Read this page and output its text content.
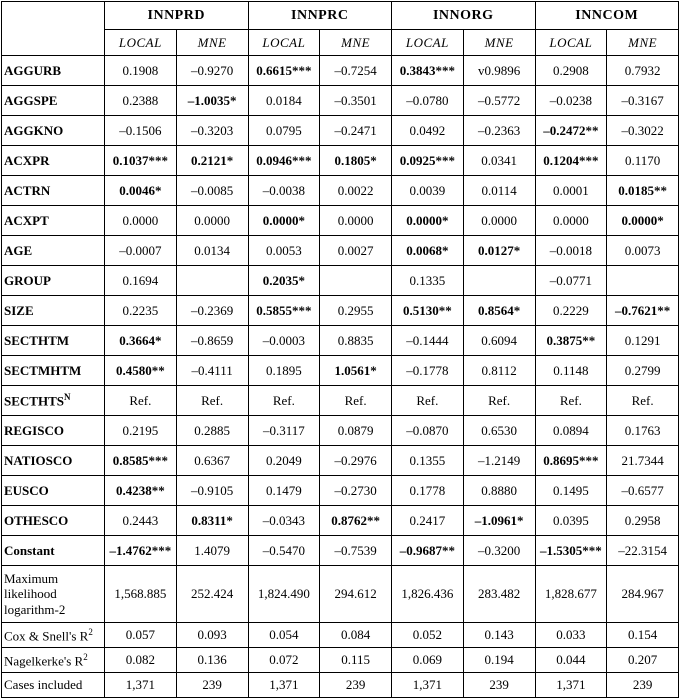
	INNPRD		INNPRC		INNORG		INNCOM	
	LOCAL	MNE	LOCAL	MNE	LOCAL	MNE	LOCAL	MNE
AGGURB	0.1908	–0.9270	0.6615***	–0.7254	0.3843***	v0.9896	0.2908	0.7932
AGGSPE	0.2388	–1.0035*	0.0184	–0.3501	–0.0780	–0.5772	–0.0238	–0.3167
AGGKNO	–0.1506	–0.3203	0.0795	–0.2471	0.0492	–0.2363	–0.2472**	–0.3022
ACXPR	0.1037***	0.2121*	0.0946***	0.1805*	0.0925***	0.0341	0.1204***	0.1170
ACTRN	0.0046*	–0.0085	–0.0038	0.0022	0.0039	0.0114	0.0001	0.0185**
ACXPT	0.0000	0.0000	0.0000*	0.0000	0.0000*	0.0000	0.0000	0.0000*
AGE	–0.0007	0.0134	0.0053	0.0027	0.0068*	0.0127*	–0.0018	0.0073
GROUP	0.1694		0.2035*		0.1335		–0.0771	
SIZE	0.2235	–0.2369	0.5855***	0.2955	0.5130**	0.8564*	0.2229	–0.7621**
SECTHTM	0.3664*	–0.8659	–0.0003	0.8835	–0.1444	0.6094	0.3875**	0.1291
SECTMHTM	0.4580**	–0.4111	0.1895	1.0561*	–0.1778	0.8112	0.1148	0.2799
$SECTHTS^N$	Ref.	Ref.	Ref.	Ref.	Ref.	Ref.	Ref.	Ref.
REGISCO	0.2195	0.2885	–0.3117	0.0879	–0.0870	0.6530	0.0894	0.1763
NATIOSCO	0.8585***	0.6367	0.2049	–0.2976	0.1355	–1.2149	0.8695***	21.7344
EUSCO	0.4238**	–0.9105	0.1479	–0.2730	0.1778	0.8880	0.1495	–0.6577
OTHESCO	0.2443	0.8311*	–0.0343	0.8762**	0.2417	–1.0961*	0.0395	0.2958
Constant	–1.4762***	1.4079	–0.5470	–0.7539	–0.9687**	–0.3200	–1.5305***	–22.3154
Maximum likelihood logarithm-2	1,568.885	252.424	1,824.490	294.612	1,826.436	283.482	1,828.677	284.967
Cox & Snell's $R^2$	0.057	0.093	0.054	0.084	0.052	0.143	0.033	0.154
Nagelkerke's $R^2$	0.082	0.136	0.072	0.115	0.069	0.194	0.044	0.207
Cases included	1,371	239	1,371	239	1,371	239	1,371	239
